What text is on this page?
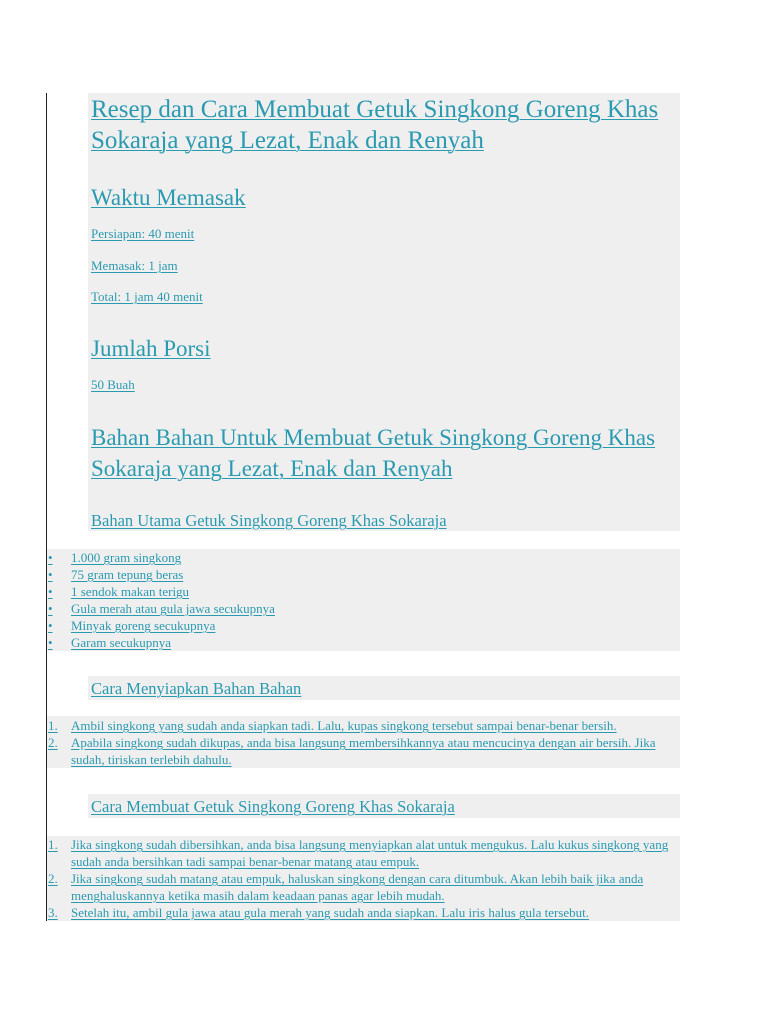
Resep dan Cara Membuat Getuk Singkong Goreng Khas Sokaraja yang Lezat, Enak dan Renyah
Waktu Memasak

Persiapan: 40 menit

Memasak: 1 jam

Total: 1 jam 40 menit

Jumlah Porsi

50 Buah

Bahan Bahan Untuk Membuat Getuk Singkong Goreng Khas Sokaraja yang Lezat, Enak dan Renyah
Bahan Utama Getuk Singkong Goreng Khas Sokaraja
• 1.000 gram singkong
• 75 gram tepung beras
• 1 sendok makan terigu
• Gula merah atau gula jawa secukupnya
• Minyak goreng secukupnya
• Garam secukupnya
Cara Menyiapkan Bahan Bahan
1. Ambil singkong yang sudah anda siapkan tadi. Lalu, kupas singkong tersebut sampai benar-benar bersih.
2. Apabila singkong sudah dikupas, anda bisa langsung membersihkannya atau mencucinya dengan air bersih. Jika sudah, tiriskan terlebih dahulu.
Cara Membuat Getuk Singkong Goreng Khas Sokaraja
1. Jika singkong sudah dibersihkan, anda bisa langsung menyiapkan alat untuk mengukus. Lalu kukus singkong yang sudah anda bersihkan tadi sampai benar-benar matang atau empuk.
2. Jika singkong sudah matang atau empuk, haluskan singkong dengan cara ditumbuk. Akan lebih baik jika anda menghaluskannya ketika masih dalam keadaan panas agar lebih mudah.
3. Setelah itu, ambil gula jawa atau gula merah yang sudah anda siapkan. Lalu iris halus gula tersebut.
